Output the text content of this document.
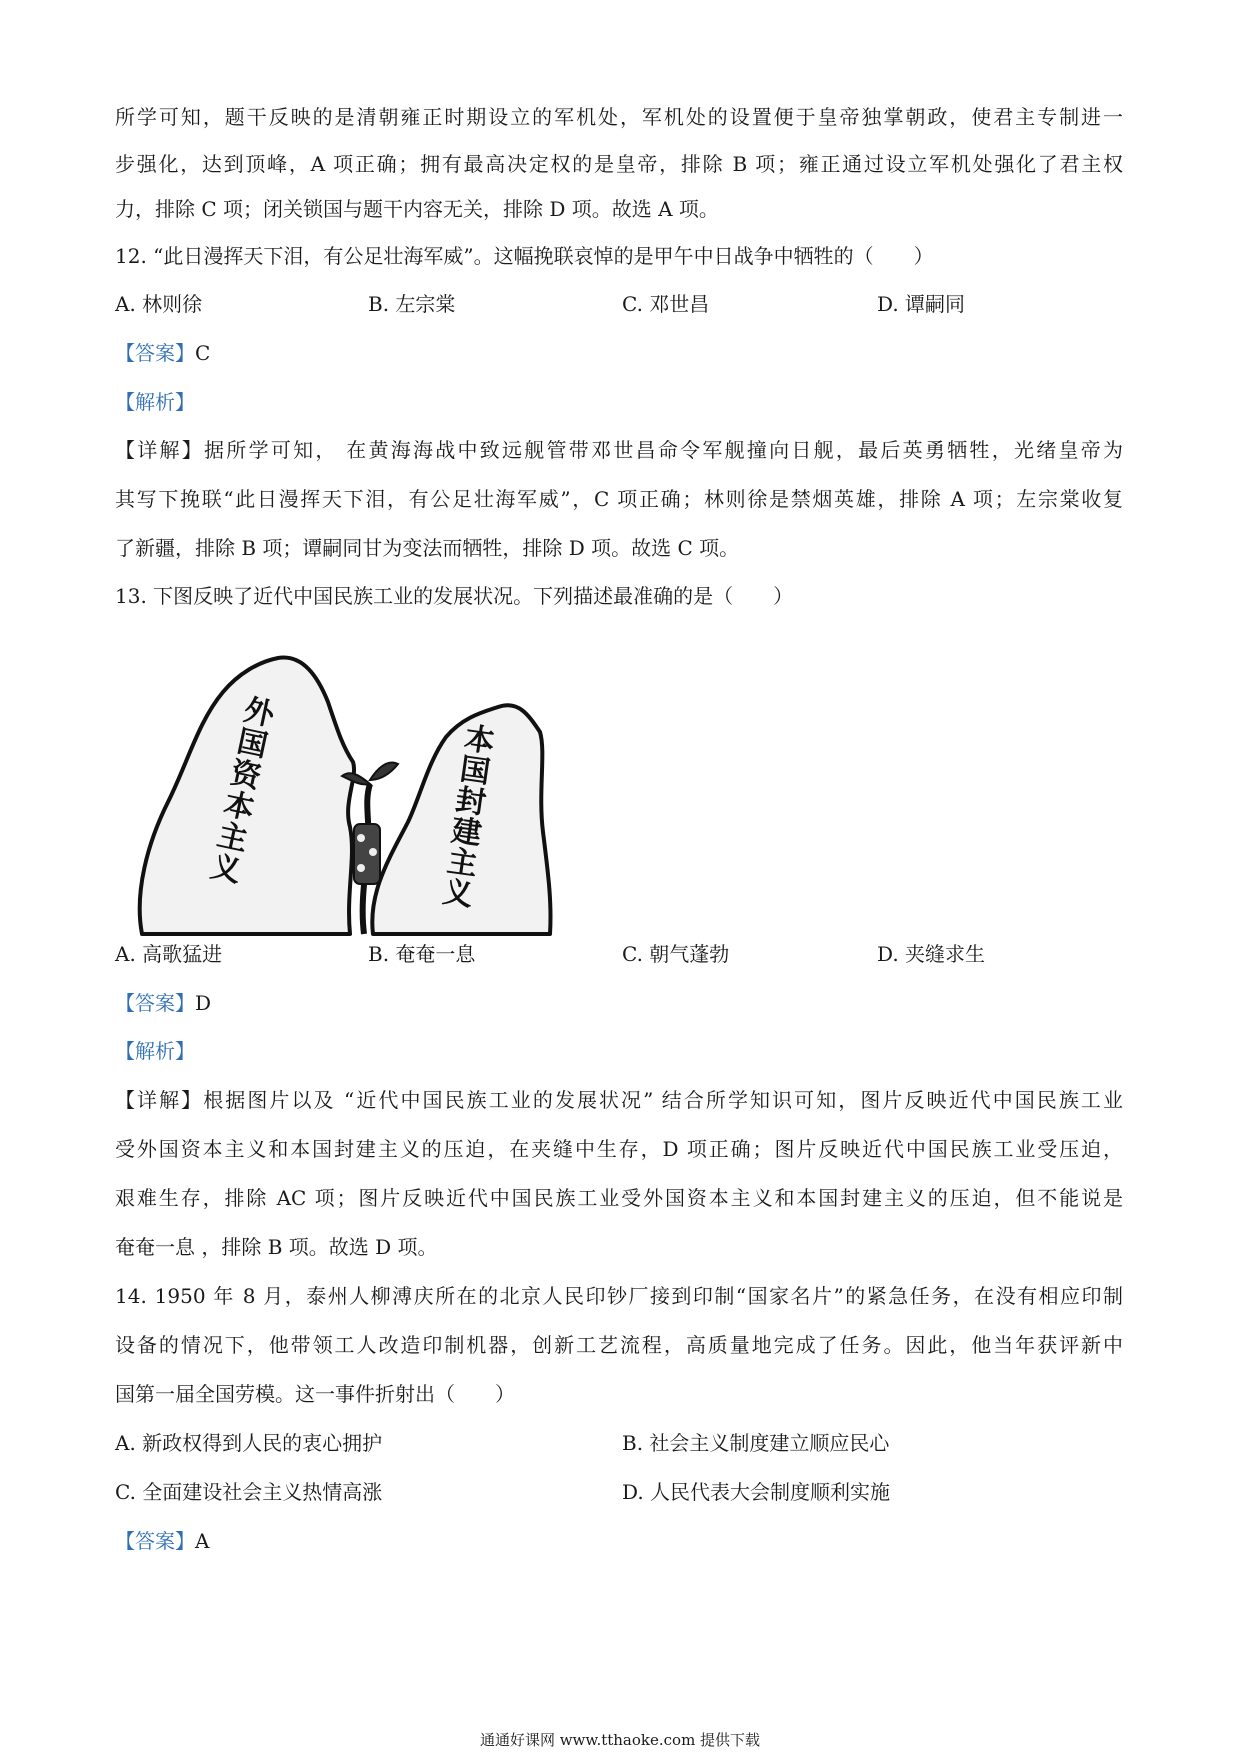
所学可知，题干反映的是清朝雍正时期设立的军机处，军机处的设置便于皇帝独掌朝政，使君主专制进一
步强化，达到顶峰，A 项正确；拥有最高决定权的是皇帝，排除 B 项；雍正通过设立军机处强化了君主权
力，排除 C 项；闭关锁国与题干内容无关，排除 D 项。故选 A 项。
12. “此日漫挥天下泪，有公足壮海军威”。这幅挽联哀悼的是甲午中日战争中牺牲的（　　）
A. 林则徐	B. 左宗棠	C. 邓世昌	D. 谭嗣同
【答案】C
【解析】
【详解】据所学可知， 在黄海海战中致远舰管带邓世昌命令军舰撞向日舰，最后英勇牺牲，光绪皇帝为
其写下挽联“此日漫挥天下泪，有公足壮海军威”，C 项正确；林则徐是禁烟英雄，排除 A 项；左宗棠收复
了新疆，排除 B 项；谭嗣同甘为变法而牺牲，排除 D 项。故选 C 项。
13. 下图反映了近代中国民族工业的发展状况。下列描述最准确的是（　　）
外
国
资
本
主
义
本
国
封
建
主
义
A. 高歌猛进	B. 奄奄一息	C. 朝气蓬勃	D. 夹缝求生
【答案】D
【解析】
【详解】根据图片以及 “近代中国民族工业的发展状况” 结合所学知识可知，图片反映近代中国民族工业
受外国资本主义和本国封建主义的压迫，在夹缝中生存，D 项正确；图片反映近代中国民族工业受压迫，
艰难生存，排除 AC 项；图片反映近代中国民族工业受外国资本主义和本国封建主义的压迫，但不能说是
奄奄一息 ，排除 B 项。故选 D 项。
14. 1950 年 8 月，泰州人柳溥庆所在的北京人民印钞厂接到印制“国家名片”的紧急任务，在没有相应印制
设备的情况下，他带领工人改造印制机器，创新工艺流程，高质量地完成了任务。因此，他当年获评新中
国第一届全国劳模。这一事件折射出（　　）
A. 新政权得到人民的衷心拥护	B. 社会主义制度建立顺应民心
C. 全面建设社会主义热情高涨	D. 人民代表大会制度顺利实施
【答案】A
通通好课网 www.tthaoke.com 提供下载
